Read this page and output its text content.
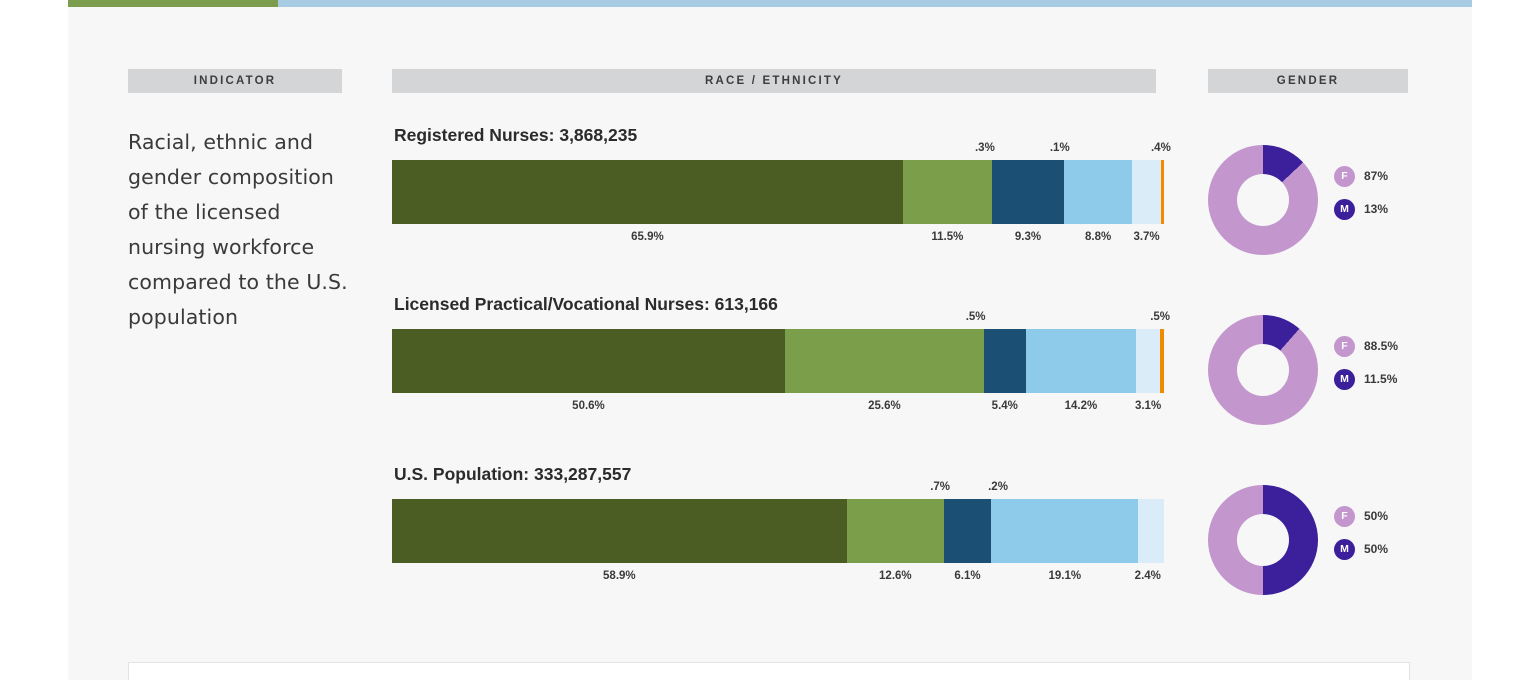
INDICATOR	RACE / ETHNICITY	GENDER
Racial, ethnic and gender composition of the licensed nursing workforce compared to the U.S. population
Registered Nurses: 3,868,235
.3%	.1%	.4%
65.9%	11.5%	9.3%	8.8% 3.7%
Licensed Practical/Vocational Nurses: 613,166
.5%	.5%
50.6%	25.6%	5.4%	14.2%	3.1%
U.S. Population: 333,287,557
.7%	.2%
58.9%	12.6%	6.1%	19.1%	2.4%
F	87%
M	13%
F	88.5%
M	11.5%
F	50%
M	50%
